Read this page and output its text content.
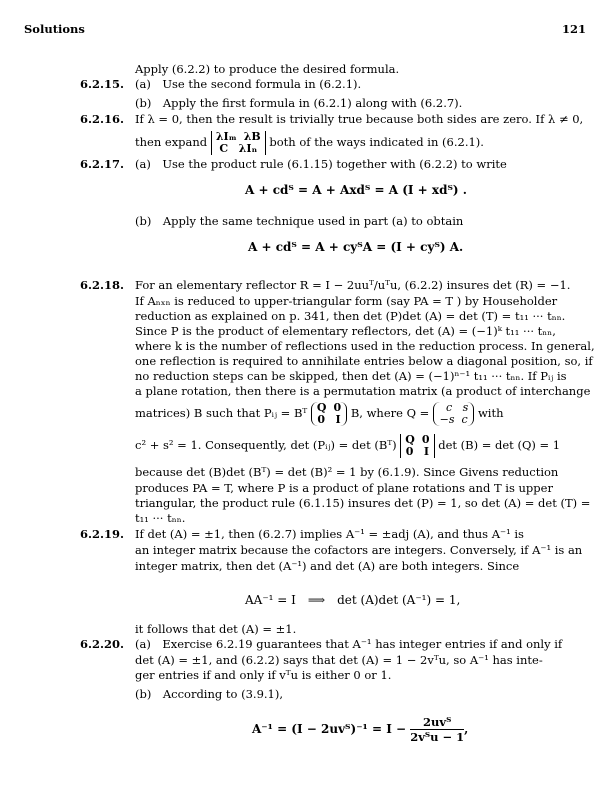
Solutions	121
Apply (6.2.2) to produce the desired formula.
6.2.15. (a) Use the second formula in (6.2.1).
(b) Apply the first formula in (6.2.1) along with (6.2.7).
6.2.16. If λ = 0, then the result is trivially true because both sides are zero. If λ ≠ 0,
then expand λIₘ λB
C λIₙ both of the ways indicated in (6.2.1).
6.2.17. (a) Use the product rule (6.1.15) together with (6.2.2) to write
A + cdᵀ = A + Axdᵀ = A (I + xdᵀ) .
(b) Apply the same technique used in part (a) to obtain
A + cdᵀ = A + cyᵀA = (I + cyᵀ) A.
6.2.18. For an elementary reflector R = I − 2uuᵀ/uᵀu, (6.2.2) insures det (R) = −1.
If Aₙₓₙ is reduced to upper-triangular form (say PA = T ) by Householder
reduction as explained on p. 341, then det (P)det (A) = det (T) = t₁₁ ··· tₙₙ.
Since P is the product of elementary reflectors, det (A) = (−1)ᵏ t₁₁ ··· tₙₙ,
where k is the number of reflections used in the reduction process. In general,
one reflection is required to annihilate entries below a diagonal position, so, if
no reduction steps can be skipped, then det (A) = (−1)ⁿ⁻¹ t₁₁ ··· tₙₙ. If Pᵢⱼ is
a plane rotation, then there is a permutation matrix (a product of interchange
matrices) B such that Pᵢⱼ = Bᵀ Q 0
0 I B, where Q = c s
−s c with
c² + s² = 1. Consequently, det (Pᵢⱼ) = det (Bᵀ) Q 0
0 I det (B) = det (Q) = 1
because det (B)det (Bᵀ) = det (B)² = 1 by (6.1.9). Since Givens reduction
produces PA = T, where P is a product of plane rotations and T is upper
triangular, the product rule (6.1.15) insures det (P) = 1, so det (A) = det (T) =
t₁₁ ··· tₙₙ.
6.2.19. If det (A) = ±1, then (6.2.7) implies A⁻¹ = ±adj (A), and thus A⁻¹ is
an integer matrix because the cofactors are integers. Conversely, if A⁻¹ is an
integer matrix, then det (A⁻¹) and det (A) are both integers. Since
AA⁻¹ = I ⟹ det (A)det (A⁻¹) = 1,
it follows that det (A) = ±1.
6.2.20. (a) Exercise 6.2.19 guarantees that A⁻¹ has integer entries if and only if
det (A) = ±1, and (6.2.2) says that det (A) = 1 − 2vᵀu, so A⁻¹ has inte-
ger entries if and only if vᵀu is either 0 or 1.
(b) According to (3.9.1),
A⁻¹ = (I − 2uvᵀ)⁻¹ = $I - \frac{\text{2uvᵀ}}{\text{2vᵀu − 1}}$ ,
